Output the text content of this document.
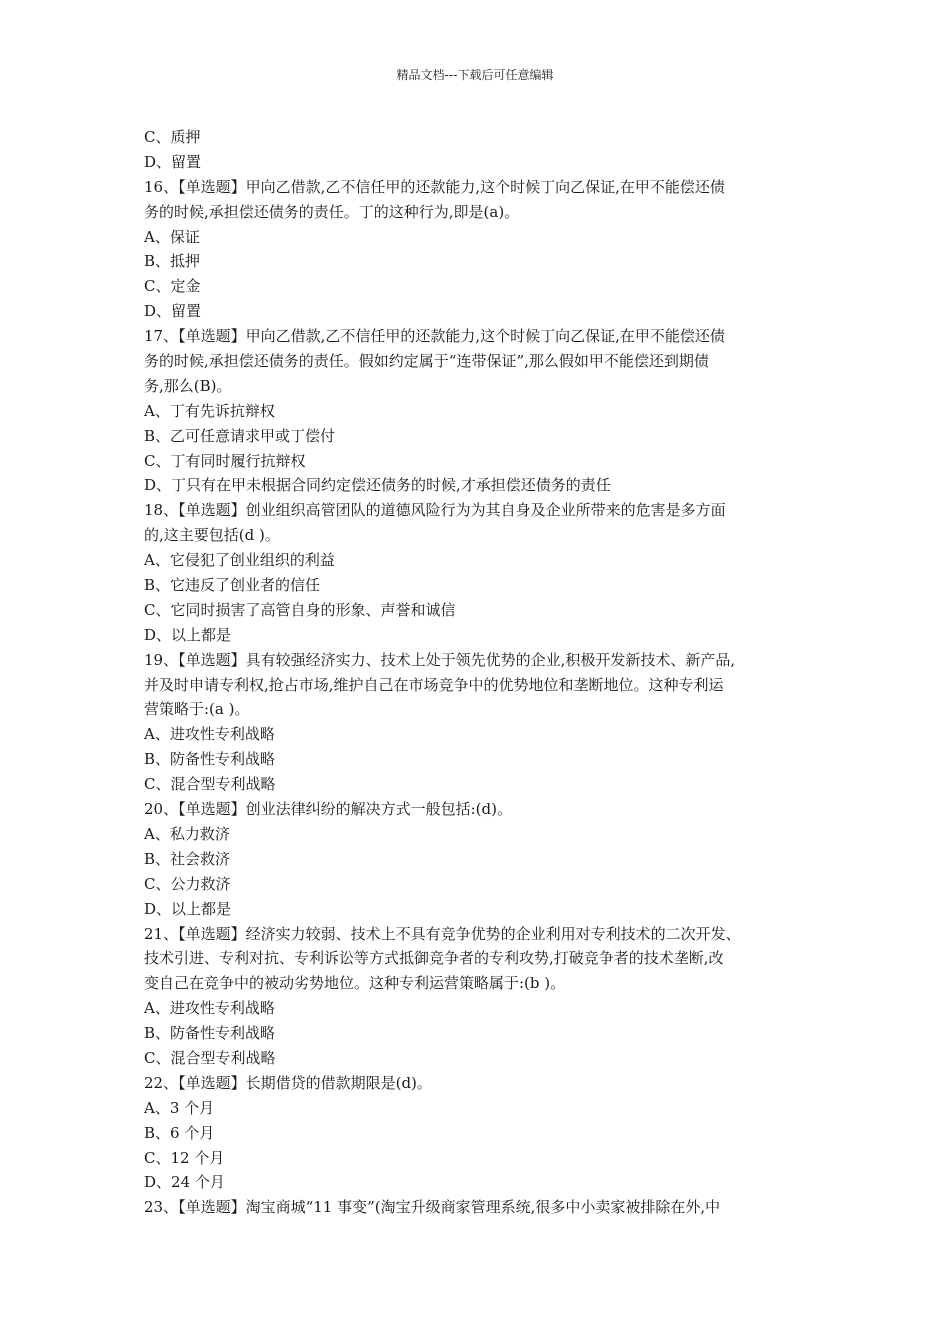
精品文档---下载后可任意编辑
C、质押
D、留置
16、【单选题】甲向乙借款,乙不信任甲的还款能力,这个时候丁向乙保证,在甲不能偿还债
务的时候,承担偿还债务的责任。丁的这种行为,即是(a)。
A、保证
B、抵押
C、定金
D、留置
17、【单选题】甲向乙借款,乙不信任甲的还款能力,这个时候丁向乙保证,在甲不能偿还债
务的时候,承担偿还债务的责任。假如约定属于“连带保证”,那么假如甲不能偿还到期债
务,那么(B)。
A、丁有先诉抗辩权
B、乙可任意请求甲或丁偿付
C、丁有同时履行抗辩权
D、丁只有在甲未根据合同约定偿还债务的时候,才承担偿还债务的责任
18、【单选题】创业组织高管团队的道德风险行为为其自身及企业所带来的危害是多方面
的,这主要包括(d )。
A、它侵犯了创业组织的利益
B、它违反了创业者的信任
C、它同时损害了高管自身的形象、声誉和诚信
D、以上都是
19、【单选题】具有较强经济实力、技术上处于领先优势的企业,积极开发新技术、新产品,
并及时申请专利权,抢占市场,维护自己在市场竞争中的优势地位和垄断地位。这种专利运
营策略于:(a )。
A、进攻性专利战略
B、防备性专利战略
C、混合型专利战略
20、【单选题】创业法律纠纷的解决方式一般包括:(d)。
A、私力救济
B、社会救济
C、公力救济
D、以上都是
21、【单选题】经济实力较弱、技术上不具有竞争优势的企业利用对专利技术的二次开发、
技术引进、专利对抗、专利诉讼等方式抵御竞争者的专利攻势,打破竞争者的技术垄断,改
变自己在竞争中的被动劣势地位。这种专利运营策略属于:(b )。
A、进攻性专利战略
B、防备性专利战略
C、混合型专利战略
22、【单选题】长期借贷的借款期限是(d)。
A、3 个月
B、6 个月
C、12 个月
D、24 个月
23、【单选题】淘宝商城“11 事变”(淘宝升级商家管理系统,很多中小卖家被排除在外,中
